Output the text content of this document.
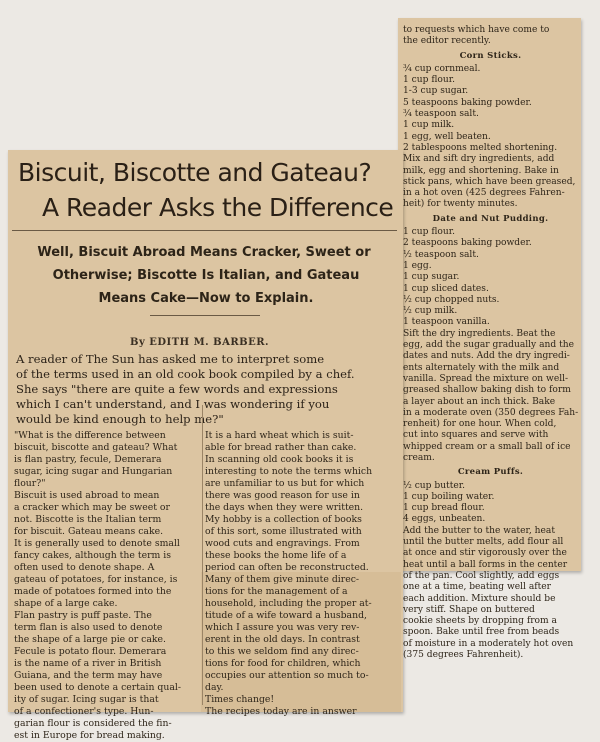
Biscuit, Biscotte and Gateau?
A Reader Asks the Difference
Well, Biscuit Abroad Means Cracker, Sweet or
Otherwise; Biscotte Is Italian, and Gateau
Means Cake—Now to Explain.
By EDITH M. BARBER.
A reader of The Sun has asked me to interpret some
of the terms used in an old cook book compiled by a chef.
She says "there are quite a few words and expressions
which I can't understand, and I was wondering if you
would be kind enough to help me?"

"What is the difference between

biscuit, biscotte and gateau? What

is flan pastry, fecule, Demerara

sugar, icing sugar and Hungarian

flour?"

Biscuit is used abroad to mean

a cracker which may be sweet or

not. Biscotte is the Italian term

for biscuit. Gateau means cake.

It is generally used to denote small

fancy cakes, although the term is

often used to denote shape. A

gateau of potatoes, for instance, is

made of potatoes formed into the

shape of a large cake.

Flan pastry is puff paste. The

term flan is also used to denote

the shape of a large pie or cake.

Fecule is potato flour. Demerara

is the name of a river in British

Guiana, and the term may have

been used to denote a certain qual-

ity of sugar. Icing sugar is that

of a confectioner's type. Hun-

garian flour is considered the fin-

est in Europe for bread making.

It is a hard wheat which is suit-

able for bread rather than cake.

In scanning old cook books it is

interesting to note the terms which

are unfamiliar to us but for which

there was good reason for use in

the days when they were written.

My hobby is a collection of books

of this sort, some illustrated with

wood cuts and engravings. From

these books the home life of a

period can often be reconstructed.

Many of them give minute direc-

tions for the management of a

household, including the proper at-

titude of a wife toward a husband,

which I assure you was very rev-

erent in the old days. In contrast

to this we seldom find any direc-

tions for food for children, which

occupies our attention so much to-

day.

Times change!

The recipes today are in answer

to requests which have come to

the editor recently.

Corn Sticks.

¾ cup cornmeal.

1 cup flour.

1-3 cup sugar.

5 teaspoons baking powder.

¾ teaspoon salt.

1 cup milk.

1 egg, well beaten.

2 tablespoons melted shortening.

Mix and sift dry ingredients, add

milk, egg and shortening. Bake in

stick pans, which have been greased,

in a hot oven (425 degrees Fahren-

heit) for twenty minutes.

Date and Nut Pudding.

1 cup flour.

2 teaspoons baking powder.

½ teaspoon salt.

1 egg.

1 cup sugar.

1 cup sliced dates.

½ cup chopped nuts.

½ cup milk.

1 teaspoon vanilla.

Sift the dry ingredients. Beat the

egg, add the sugar gradually and the

dates and nuts. Add the dry ingredi-

ents alternately with the milk and

vanilla. Spread the mixture on well-

greased shallow baking dish to form

a layer about an inch thick. Bake

in a moderate oven (350 degrees Fah-

renheit) for one hour. When cold,

cut into squares and serve with

whipped cream or a small ball of ice

cream.

Cream Puffs.

½ cup butter.

1 cup boiling water.

1 cup bread flour.

4 eggs, unbeaten.

Add the butter to the water, heat

until the butter melts, add flour all

at once and stir vigorously over the

heat until a ball forms in the center

of the pan. Cool slightly, add eggs

one at a time, beating well after

each addition. Mixture should be

very stiff. Shape on buttered

cookie sheets by dropping from a

spoon. Bake until free from beads

of moisture in a moderately hot oven

(375 degrees Fahrenheit).
